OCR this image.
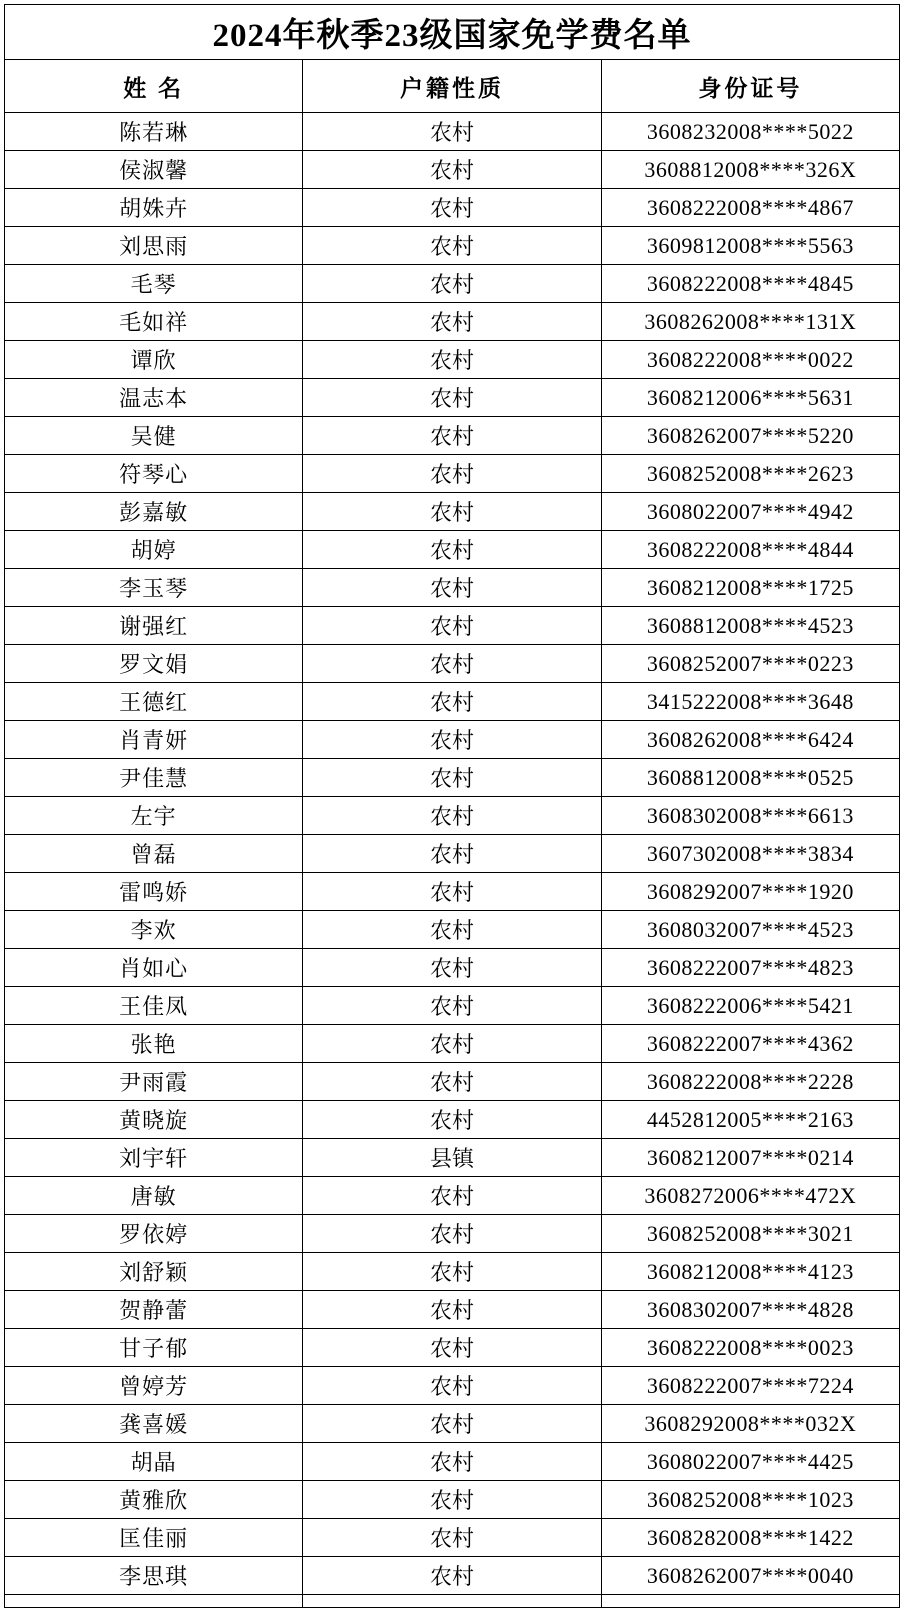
2024年秋季23级国家免学费名单		
姓 名	户籍性质	身份证号
陈若琳	农村	3608232008****5022
侯淑馨	农村	3608812008****326X
胡姝卉	农村	3608222008****4867
刘思雨	农村	3609812008****5563
毛琴	农村	3608222008****4845
毛如祥	农村	3608262008****131X
谭欣	农村	3608222008****0022
温志本	农村	3608212006****5631
吴健	农村	3608262007****5220
符琴心	农村	3608252008****2623
彭嘉敏	农村	3608022007****4942
胡婷	农村	3608222008****4844
李玉琴	农村	3608212008****1725
谢强红	农村	3608812008****4523
罗文娟	农村	3608252007****0223
王德红	农村	3415222008****3648
肖青妍	农村	3608262008****6424
尹佳慧	农村	3608812008****0525
左宇	农村	3608302008****6613
曾磊	农村	3607302008****3834
雷鸣娇	农村	3608292007****1920
李欢	农村	3608032007****4523
肖如心	农村	3608222007****4823
王佳凤	农村	3608222006****5421
张艳	农村	3608222007****4362
尹雨霞	农村	3608222008****2228
黄晓旋	农村	4452812005****2163
刘宇轩	县镇	3608212007****0214
唐敏	农村	3608272006****472X
罗依婷	农村	3608252008****3021
刘舒颖	农村	3608212008****4123
贺静蕾	农村	3608302007****4828
甘子郁	农村	3608222008****0023
曾婷芳	农村	3608222007****7224
龚喜媛	农村	3608292008****032X
胡晶	农村	3608022007****4425
黄雅欣	农村	3608252008****1023
匡佳丽	农村	3608282008****1422
李思琪	农村	3608262007****0040
